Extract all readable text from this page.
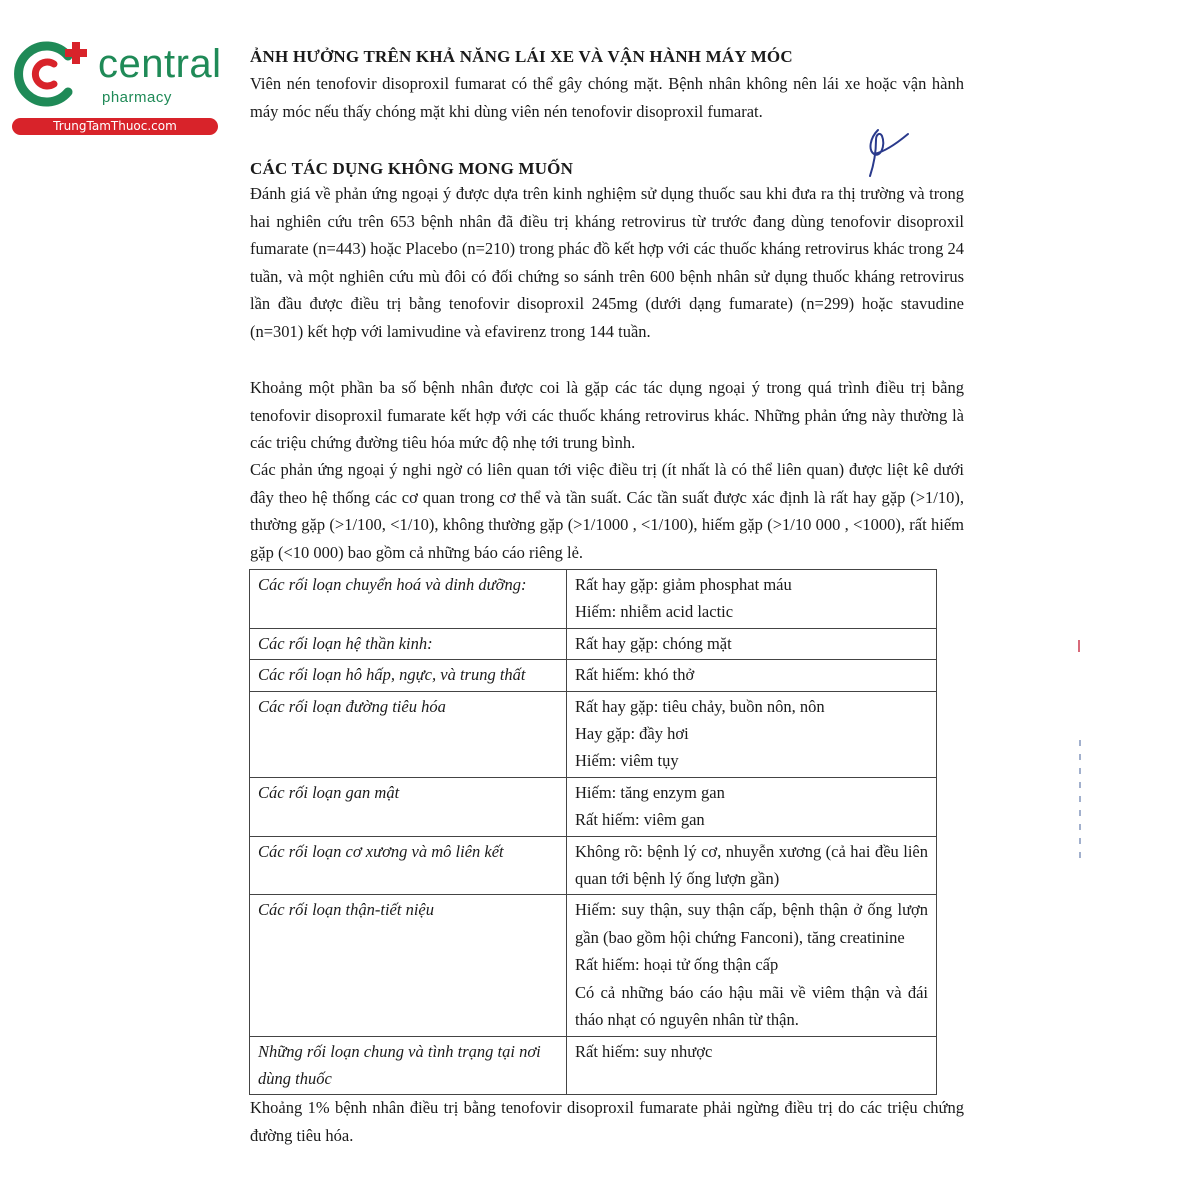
central
pharmacy
TrungTamThuoc.com
ẢNH HƯỞNG TRÊN KHẢ NĂNG LÁI XE VÀ VẬN HÀNH MÁY MÓC
Viên nén tenofovir disoproxil fumarat có thể gây chóng mặt. Bệnh nhân không nên lái xe hoặc vận hành máy móc nếu thấy chóng mặt khi dùng viên nén tenofovir disoproxil fumarat.
CÁC TÁC DỤNG KHÔNG MONG MUỐN
Đánh giá về phản ứng ngoại ý được dựa trên kinh nghiệm sử dụng thuốc sau khi đưa ra thị trường và trong hai nghiên cứu trên 653 bệnh nhân đã điều trị kháng retrovirus từ trước đang dùng tenofovir disoproxil fumarate (n=443) hoặc Placebo (n=210) trong phác đồ kết hợp với các thuốc kháng retrovirus khác trong 24 tuần, và một nghiên cứu mù đôi có đối chứng so sánh trên 600 bệnh nhân sử dụng thuốc kháng retrovirus lần đầu được điều trị bằng tenofovir disoproxil 245mg (dưới dạng fumarate) (n=299) hoặc stavudine (n=301) kết hợp với lamivudine và efavirenz trong 144 tuần.
Khoảng một phần ba số bệnh nhân được coi là gặp các tác dụng ngoại ý trong quá trình điều trị bằng tenofovir disoproxil fumarate kết hợp với các thuốc kháng retrovirus khác. Những phản ứng này thường là các triệu chứng đường tiêu hóa mức độ nhẹ tới trung bình.
Các phản ứng ngoại ý nghi ngờ có liên quan tới việc điều trị (ít nhất là có thể liên quan) được liệt kê dưới đây theo hệ thống các cơ quan trong cơ thể và tần suất. Các tần suất được xác định là rất hay gặp (>1/10), thường gặp (>1/100, <1/10), không thường gặp (>1/1000 , <1/100), hiếm gặp (>1/10 000 , <1000), rất hiếm gặp (<10 000) bao gồm cả những báo cáo riêng lẻ.
Các rối loạn chuyển hoá và dinh dưỡng:	Rất hay gặp: giảm phosphat máu
Hiếm: nhiễm acid lactic

Các rối loạn hệ thần kinh:	Rất hay gặp: chóng mặt

Các rối loạn hô hấp, ngực, và trung thất	Rất hiếm: khó thở

Các rối loạn đường tiêu hóa	Rất hay gặp: tiêu chảy, buồn nôn, nôn
Hay gặp: đầy hơi
Hiếm: viêm tụy

Các rối loạn gan mật	Hiếm: tăng enzym gan
Rất hiếm: viêm gan

Các rối loạn cơ xương và mô liên kết	Không rõ: bệnh lý cơ, nhuyễn xương (cả hai đều liên quan tới bệnh lý ống lượn gần)

Các rối loạn thận-tiết niệu	Hiếm: suy thận, suy thận cấp, bệnh thận ở ống lượn gần (bao gồm hội chứng Fanconi), tăng creatinine
Rất hiếm: hoại tử ống thận cấp
Có cả những báo cáo hậu mãi về viêm thận và đái tháo nhạt có nguyên nhân từ thận.

Những rối loạn chung và tình trạng tại nơi dùng thuốc	Rất hiếm: suy nhược
Khoảng 1% bệnh nhân điều trị bằng tenofovir disoproxil fumarate phải ngừng điều trị do các triệu chứng đường tiêu hóa.
